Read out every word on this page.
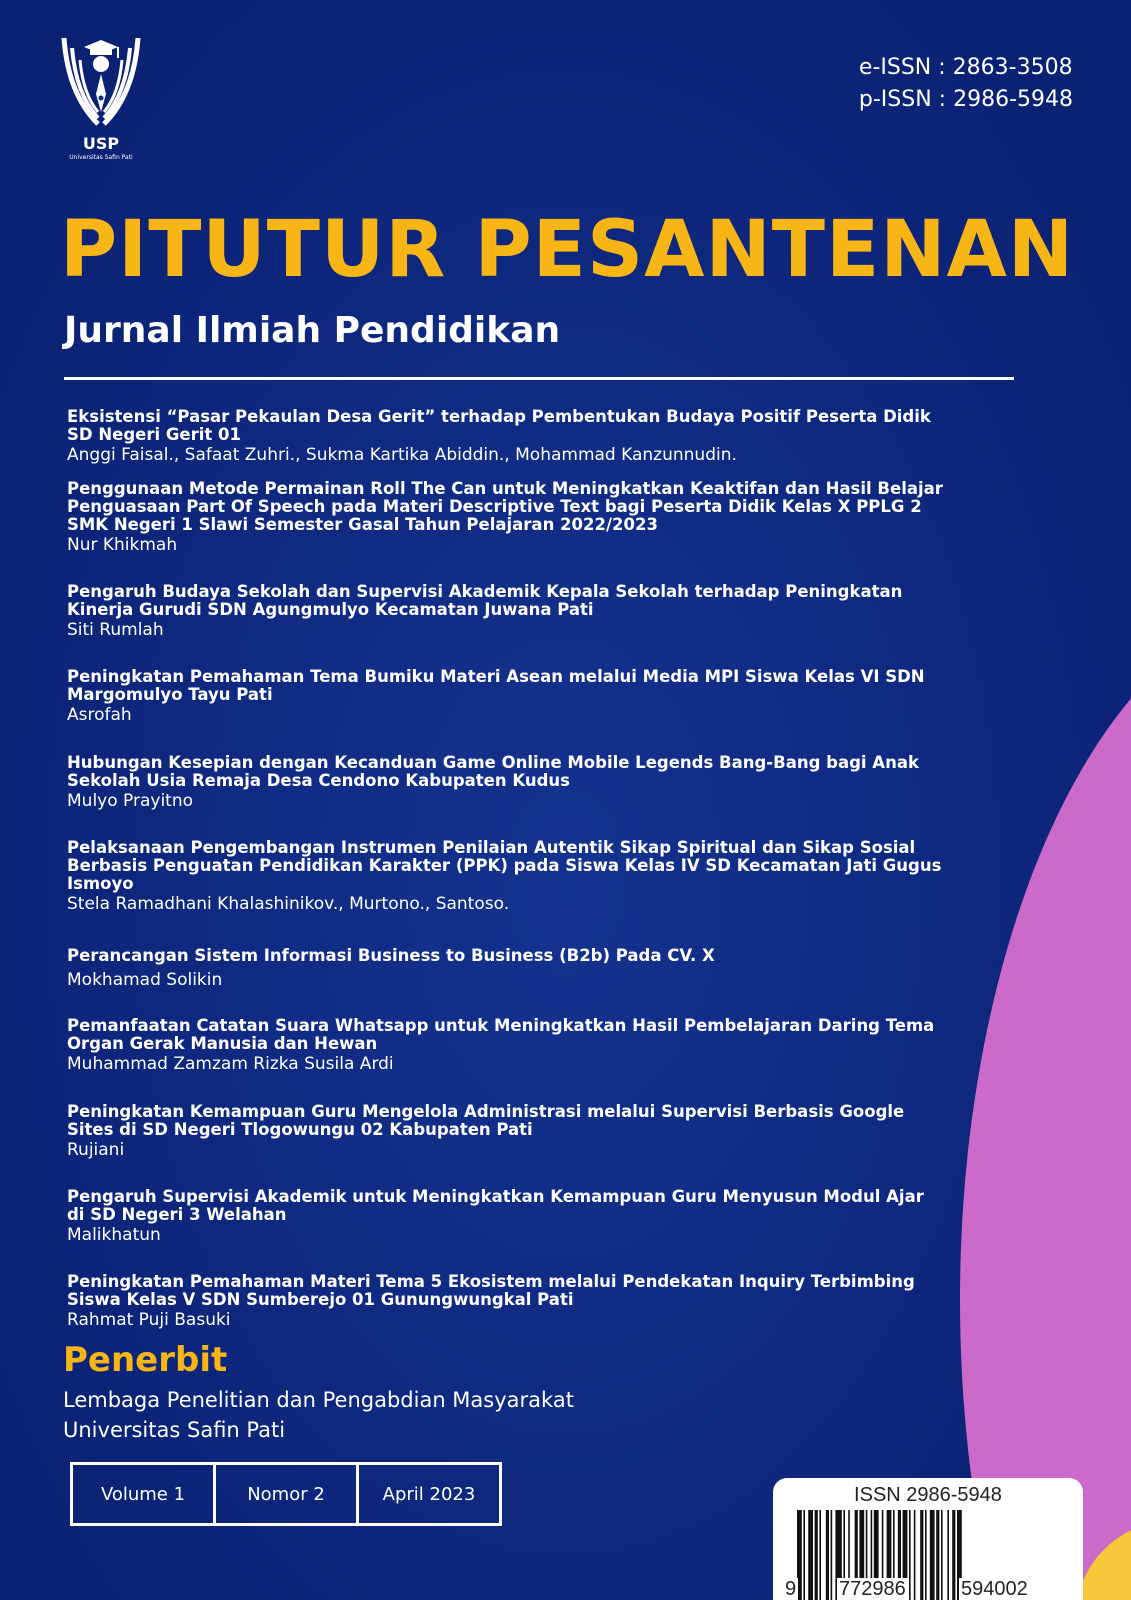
USP
Universitas Safin Pati
e-ISSN : 2863-3508
p-ISSN : 2986-5948
PITUTUR PESANTENAN
Jurnal Ilmiah Pendidikan
Eksistensi “Pasar Pekaulan Desa Gerit” terhadap Pembentukan Budaya Positif Peserta Didik SD Negeri Gerit 01
Anggi Faisal., Safaat Zuhri., Sukma Kartika Abiddin., Mohammad Kanzunnudin.
Penggunaan Metode Permainan Roll The Can untuk Meningkatkan Keaktifan dan Hasil Belajar Penguasaan Part Of Speech pada Materi Descriptive Text bagi Peserta Didik Kelas X PPLG 2 SMK Negeri 1 Slawi Semester Gasal Tahun Pelajaran 2022/2023
Nur Khikmah
Pengaruh Budaya Sekolah dan Supervisi Akademik Kepala Sekolah terhadap Peningkatan Kinerja Gurudi SDN Agungmulyo Kecamatan Juwana Pati
Siti Rumlah
Peningkatan Pemahaman Tema Bumiku Materi Asean melalui Media MPI Siswa Kelas VI SDN Margomulyo Tayu Pati
Asrofah
Hubungan Kesepian dengan Kecanduan Game Online Mobile Legends Bang-Bang bagi Anak Sekolah Usia Remaja Desa Cendono Kabupaten Kudus
Mulyo Prayitno
Pelaksanaan Pengembangan Instrumen Penilaian Autentik Sikap Spiritual dan Sikap Sosial Berbasis Penguatan Pendidikan Karakter (PPK) pada Siswa Kelas IV SD Kecamatan Jati Gugus Ismoyo
Stela Ramadhani Khalashinikov., Murtono., Santoso.
Perancangan Sistem Informasi Business to Business (B2b) Pada CV. X
Mokhamad Solikin
Pemanfaatan Catatan Suara Whatsapp untuk Meningkatkan Hasil Pembelajaran Daring Tema Organ Gerak Manusia dan Hewan
Muhammad Zamzam Rizka Susila Ardi
Peningkatan Kemampuan Guru Mengelola Administrasi melalui Supervisi Berbasis Google Sites di SD Negeri Tlogowungu 02 Kabupaten Pati
Rujiani
Pengaruh Supervisi Akademik untuk Meningkatkan Kemampuan Guru Menyusun Modul Ajar di SD Negeri 3 Welahan
Malikhatun
Peningkatan Pemahaman Materi Tema 5 Ekosistem melalui Pendekatan Inquiry Terbimbing Siswa Kelas V SDN Sumberejo 01 Gunungwungkal Pati
Rahmat Puji Basuki
Penerbit
Lembaga Penelitian dan Pengabdian Masyarakat
Universitas Safin Pati
Volume 1	Nomor 2	April 2023	ISSN 2986-5948
9 772986	594002
